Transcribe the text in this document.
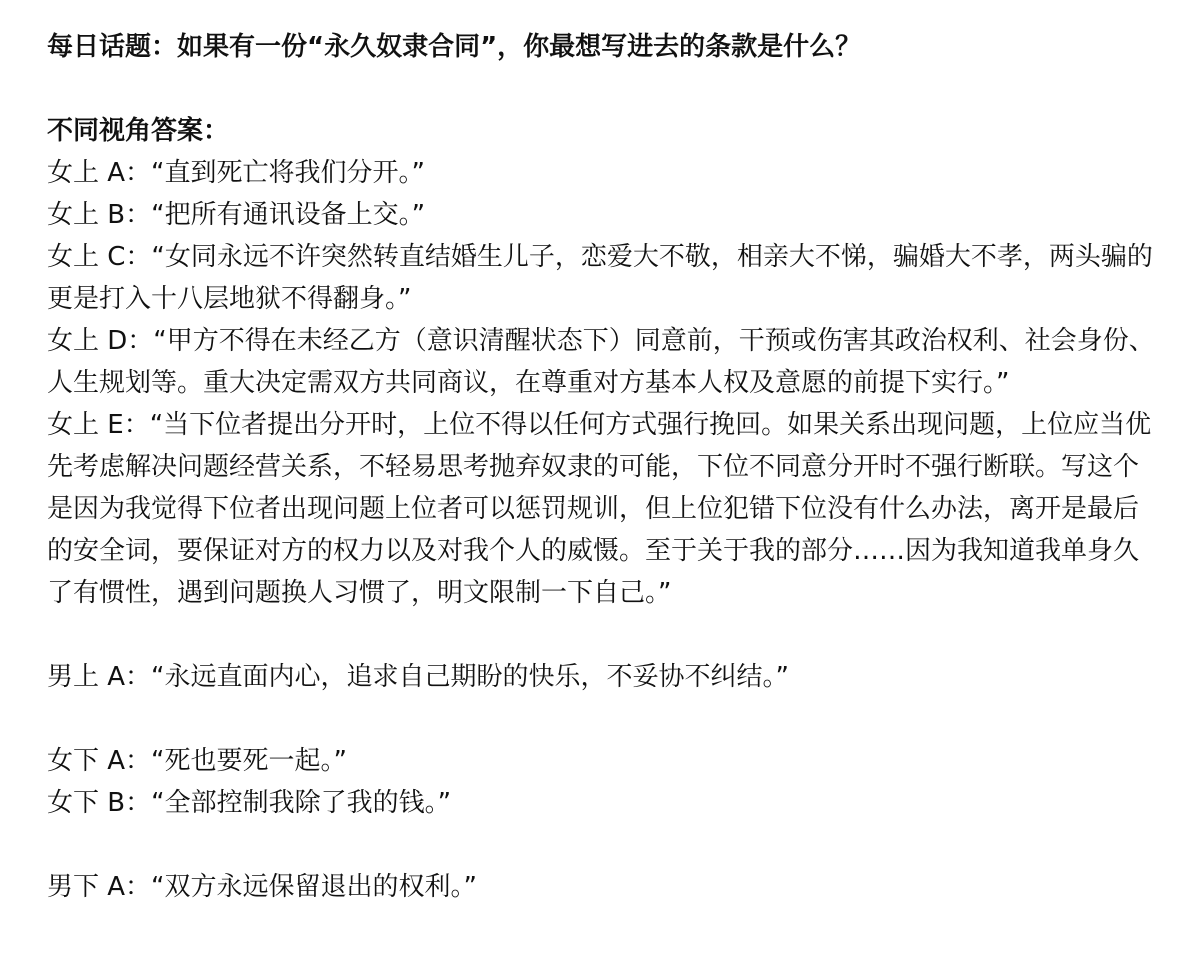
每日话题：如果有一份“永久奴隶合同”，你最想写进去的条款是什么？

不同视角答案：

女上 A：“直到死亡将我们分开。”

女上 B：“把所有通讯设备上交。”

女上 C：“女同永远不许突然转直结婚生儿子，恋爱大不敬，相亲大不悌，骗婚大不孝，两头骗的更是打入十八层地狱不得翻身。”

女上 D：“甲方不得在未经乙方（意识清醒状态下）同意前，干预或伤害其政治权利、社会身份、人生规划等。重大决定需双方共同商议，在尊重对方基本人权及意愿的前提下实行。”

女上 E：“当下位者提出分开时，上位不得以任何方式强行挽回。如果关系出现问题，上位应当优先考虑解决问题经营关系，不轻易思考抛弃奴隶的可能，下位不同意分开时不强行断联。写这个是因为我觉得下位者出现问题上位者可以惩罚规训，但上位犯错下位没有什么办法，离开是最后的安全词，要保证对方的权力以及对我个人的威慑。至于关于我的部分……因为我知道我单身久了有惯性，遇到问题换人习惯了，明文限制一下自己。”

男上 A：“永远直面内心，追求自己期盼的快乐，不妥协不纠结。”

女下 A：“死也要死一起。”

女下 B：“全部控制我除了我的钱。”

男下 A：“双方永远保留退出的权利。”
